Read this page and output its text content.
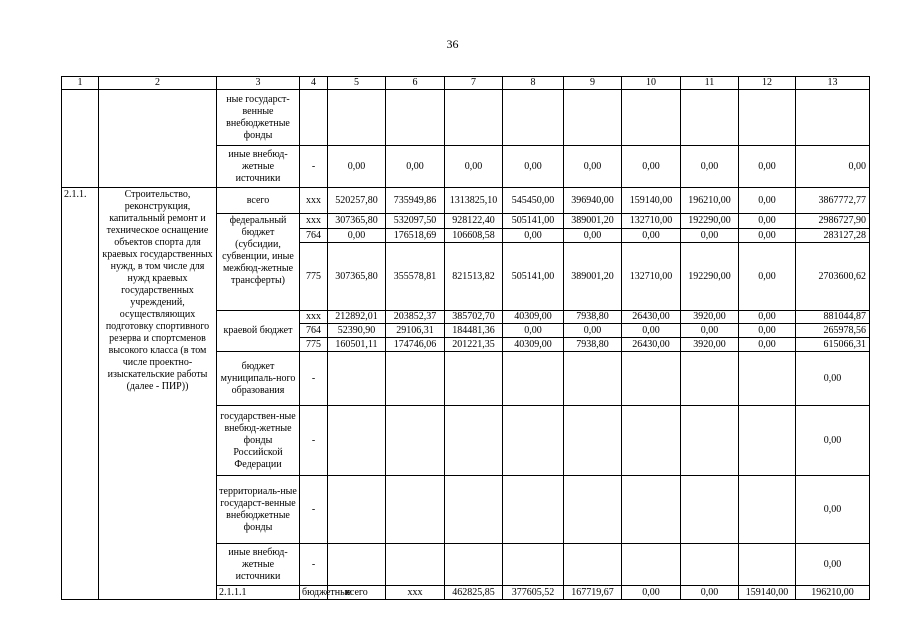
36
1	2	3	4	5	6	7	8	9	10	11	12	13	
		ные государст-венные внебюджетные фонды											
		иные внебюд-жетные источники	-	0,00	0,00	0,00	0,00	0,00	0,00	0,00	0,00	0,00	
2.1.1.	Строительство, реконструкция, капитальный ремонт и техническое оснащение объектов спорта для краевых государственных нужд, в том числе для нужд краевых государственных учреждений, осуществляющих подготовку спортивного резерва и спортсменов высокого класса (в том числе проектно-изыскательские работы (далее - ПИР))	всего	xxx	520257,80	735949,86	1313825,10	545450,00	396940,00	159140,00	196210,00	0,00	3867772,77	
		федеральный бюджет (субсидии, субвенции, иные межбюд-жетные трансферты)	xxx	307365,80	532097,50	928122,40	505141,00	389001,20	132710,00	192290,00	0,00	2986727,90	
			764	0,00	176518,69	106608,58	0,00	0,00	0,00	0,00	0,00	283127,28	
			775	307365,80	355578,81	821513,82	505141,00	389001,20	132710,00	192290,00	0,00	2703600,62	
		краевой бюджет	xxx	212892,01	203852,37	385702,70	40309,00	7938,80	26430,00	3920,00	0,00	881044,87	
			764	52390,90	29106,31	184481,36	0,00	0,00	0,00	0,00	0,00	265978,56	
			775	160501,11	174746,06	201221,35	40309,00	7938,80	26430,00	3920,00	0,00	615066,31	
		бюджет муниципаль-ного образования	-									0,00	
		государствен-ные внебюд-жетные фонды Российской Федерации	-									0,00	
		территориаль-ные государст-венные внебюджетные фонды	-									0,00	
		иные внебюд-жетные источники	-									0,00	
		2.1.1.1	бюджетные	всего	xxx	462825,85	377605,52	167719,67	0,00	0,00	159140,00	196210,00		
